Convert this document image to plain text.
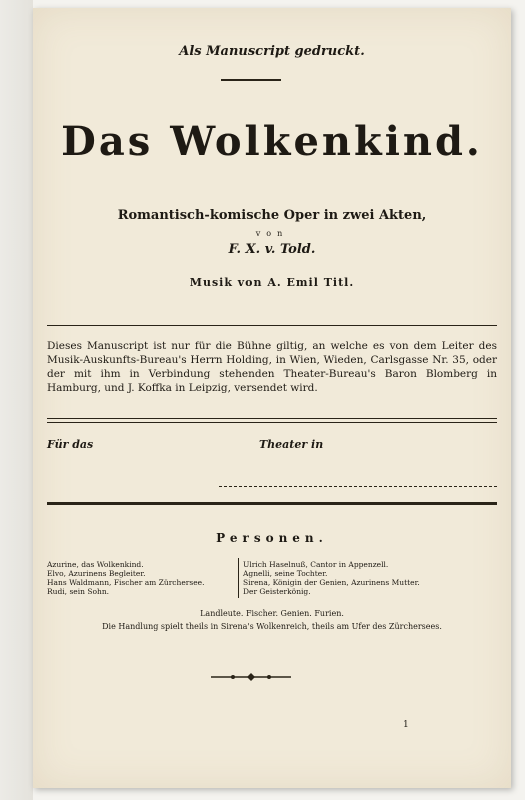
Als Manuscript gedruckt.
Das Wolkenkind.
Romantisch-komische Oper in zwei Akten,
von
F. X. v. Told.
Musik von A. Emil Titl.
Dieses Manuscript ist nur für die Bühne giltig, an welche es von dem Leiter des Musik-Auskunfts-Bureau's Herrn Holding, in Wien, Wieden, Carlsgasse Nr. 35, oder der mit ihm in Verbindung stehenden Theater-Bureau's Baron Blomberg in Hamburg, und J. Koffka in Leipzig, versendet wird.
Für das	Theater in
Personen.
Azurine, das Wolkenkind.
Elvo, Azurinens Begleiter.
Hans Waldmann, Fischer am Zürchersee.
Rudi, sein Sohn.
Ulrich Haselnuß, Cantor in Appenzell.
Agnelli, seine Tochter.
Sirena, Königin der Genien, Azurinens Mutter.
Der Geisterkönig.
Landleute. Fischer. Genien. Furien.
Die Handlung spielt theils in Sirena's Wolkenreich, theils am Ufer des Zürchersees.
1
